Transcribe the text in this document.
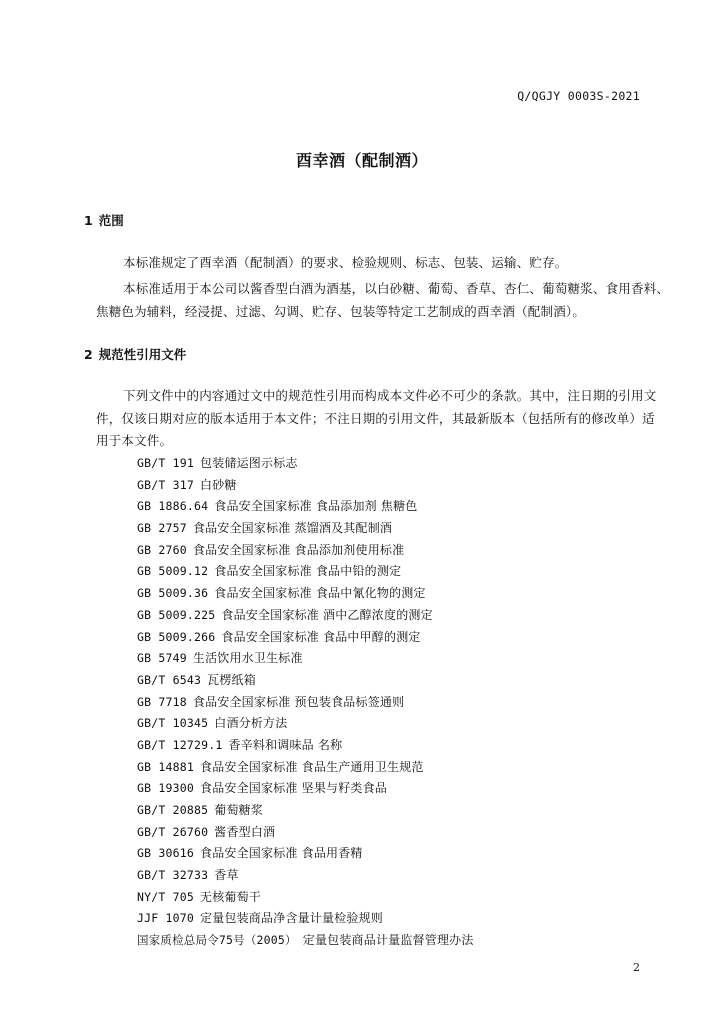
Q/QGJY 0003S-2021
酉幸酒（配制酒）
1 范围
本标准规定了酉幸酒（配制酒）的要求、检验规则、标志、包装、运输、贮存。
本标准适用于本公司以酱香型白酒为酒基，以白砂糖、葡萄、香草、杏仁、葡萄糖浆、食用香料、
焦糖色为辅料，经浸提、过滤、勾调、贮存、包装等特定工艺制成的酉幸酒（配制酒）。
2 规范性引用文件
下列文件中的内容通过文中的规范性引用而构成本文件必不可少的条款。其中，注日期的引用文
件，仅该日期对应的版本适用于本文件；不注日期的引用文件，其最新版本（包括所有的修改单）适
用于本文件。
GB/T 191 包装储运图示标志
GB/T 317 白砂糖
GB 1886.64 食品安全国家标准 食品添加剂 焦糖色
GB 2757 食品安全国家标准 蒸馏酒及其配制酒
GB 2760 食品安全国家标准 食品添加剂使用标准
GB 5009.12 食品安全国家标准 食品中铅的测定
GB 5009.36 食品安全国家标准 食品中氰化物的测定
GB 5009.225 食品安全国家标准 酒中乙醇浓度的测定
GB 5009.266 食品安全国家标准 食品中甲醇的测定
GB 5749 生活饮用水卫生标准
GB/T 6543 瓦楞纸箱
GB 7718 食品安全国家标准 预包装食品标签通则
GB/T 10345 白酒分析方法
GB/T 12729.1 香辛料和调味品 名称
GB 14881 食品安全国家标准 食品生产通用卫生规范
GB 19300 食品安全国家标准 坚果与籽类食品
GB/T 20885 葡萄糖浆
GB/T 26760 酱香型白酒
GB 30616 食品安全国家标准 食品用香精
GB/T 32733 香草
NY/T 705 无核葡萄干
JJF 1070 定量包装商品净含量计量检验规则
国家质检总局令75号（2005） 定量包装商品计量监督管理办法
2
